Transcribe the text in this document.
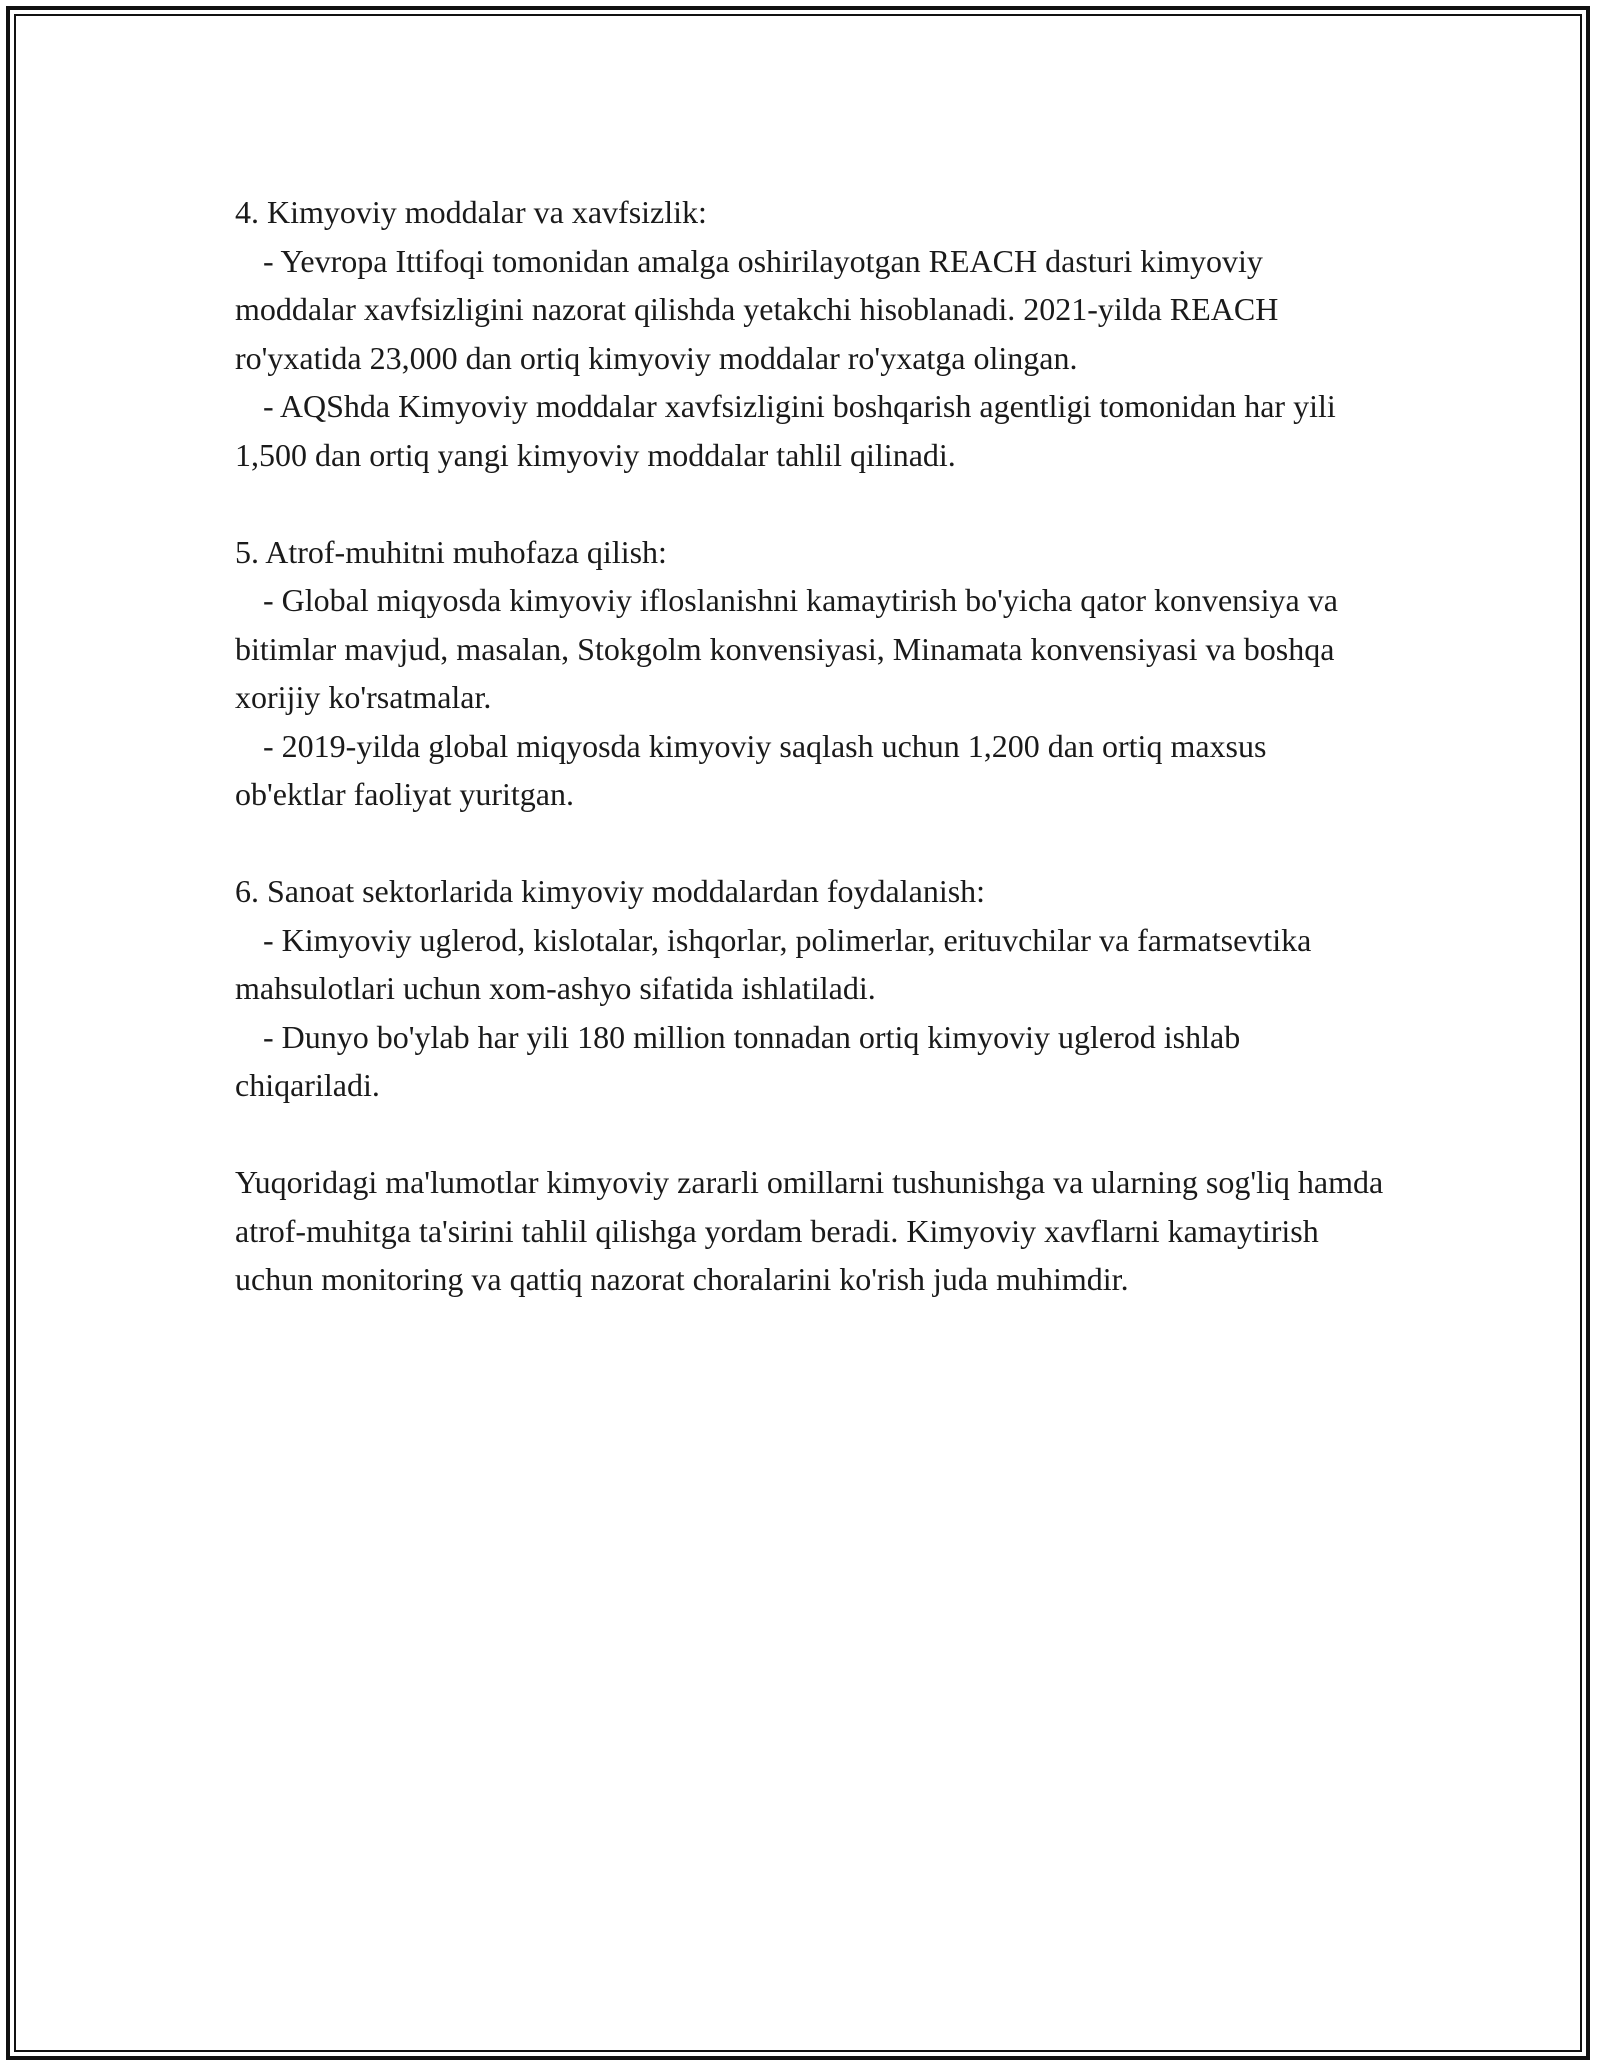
4. Kimyoviy moddalar va xavfsizlik:
- Yevropa Ittifoqi tomonidan amalga oshirilayotgan REACH dasturi kimyoviy moddalar xavfsizligini nazorat qilishda yetakchi hisoblanadi. 2021-yilda REACH ro'yxatida 23,000 dan ortiq kimyoviy moddalar ro'yxatga olingan.
- AQShda Kimyoviy moddalar xavfsizligini boshqarish agentligi tomonidan har yili 1,500 dan ortiq yangi kimyoviy moddalar tahlil qilinadi.
5. Atrof-muhitni muhofaza qilish:
- Global miqyosda kimyoviy ifloslanishni kamaytirish bo'yicha qator konvensiya va bitimlar mavjud, masalan, Stokgolm konvensiyasi, Minamata konvensiyasi va boshqa xorijiy ko'rsatmalar.
- 2019-yilda global miqyosda kimyoviy saqlash uchun 1,200 dan ortiq maxsus ob'ektlar faoliyat yuritgan.
6. Sanoat sektorlarida kimyoviy moddalardan foydalanish:
- Kimyoviy uglerod, kislotalar, ishqorlar, polimerlar, erituvchilar va farmatsevtika mahsulotlari uchun xom-ashyo sifatida ishlatiladi.
- Dunyo bo'ylab har yili 180 million tonnadan ortiq kimyoviy uglerod ishlab chiqariladi.
Yuqoridagi ma'lumotlar kimyoviy zararli omillarni tushunishga va ularning sog'liq hamda atrof-muhitga ta'sirini tahlil qilishga yordam beradi. Kimyoviy xavflarni kamaytirish uchun monitoring va qattiq nazorat choralarini ko'rish juda muhimdir.
